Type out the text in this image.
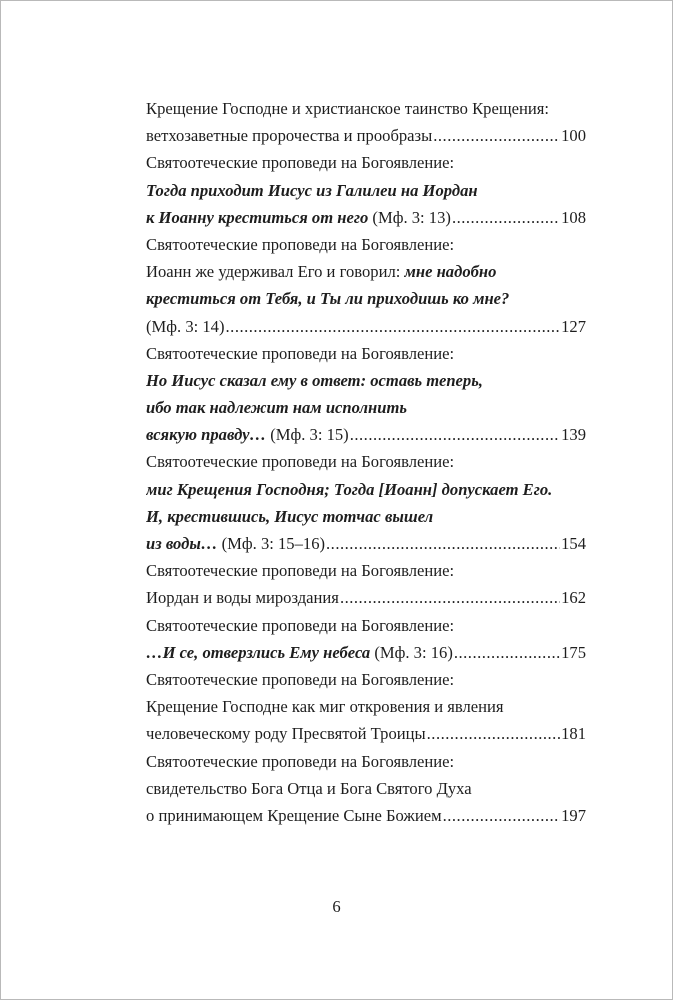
Крещение Господне и христианское таинство Крещения:
ветхозаветные пророчества и прообразы .....	100
Святоотеческие проповеди на Богоявление:
Тогда приходит Иисус из Галилеи на Иордан
к Иоанну креститься от него (Мф. 3: 13) .....	108
Святоотеческие проповеди на Богоявление:
Иоанн же удерживал Его и говорил: мне надобно
креститься от Тебя, и Ты ли приходишь ко мне?
(Мф. 3: 14) .....	127
Святоотеческие проповеди на Богоявление:
Но Иисус сказал ему в ответ: оставь теперь,
ибо так надлежит нам исполнить
всякую правду… (Мф. 3: 15) .....	139
Святоотеческие проповеди на Богоявление:
миг Крещения Господня; Тогда [Иоанн] допускает Его.
И, крестившись, Иисус тотчас вышел
из воды… (Мф. 3: 15–16) .....	154
Святоотеческие проповеди на Богоявление:
Иордан и воды мироздания .....	162
Святоотеческие проповеди на Богоявление:
…И се, отверзлись Ему небеса (Мф. 3: 16) .....	175
Святоотеческие проповеди на Богоявление:
Крещение Господне как миг откровения и явления
человеческому роду Пресвятой Троицы .....	181
Святоотеческие проповеди на Богоявление:
свидетельство Бога Отца и Бога Святого Духа
о принимающем Крещение Сыне Божием .....	197
6
